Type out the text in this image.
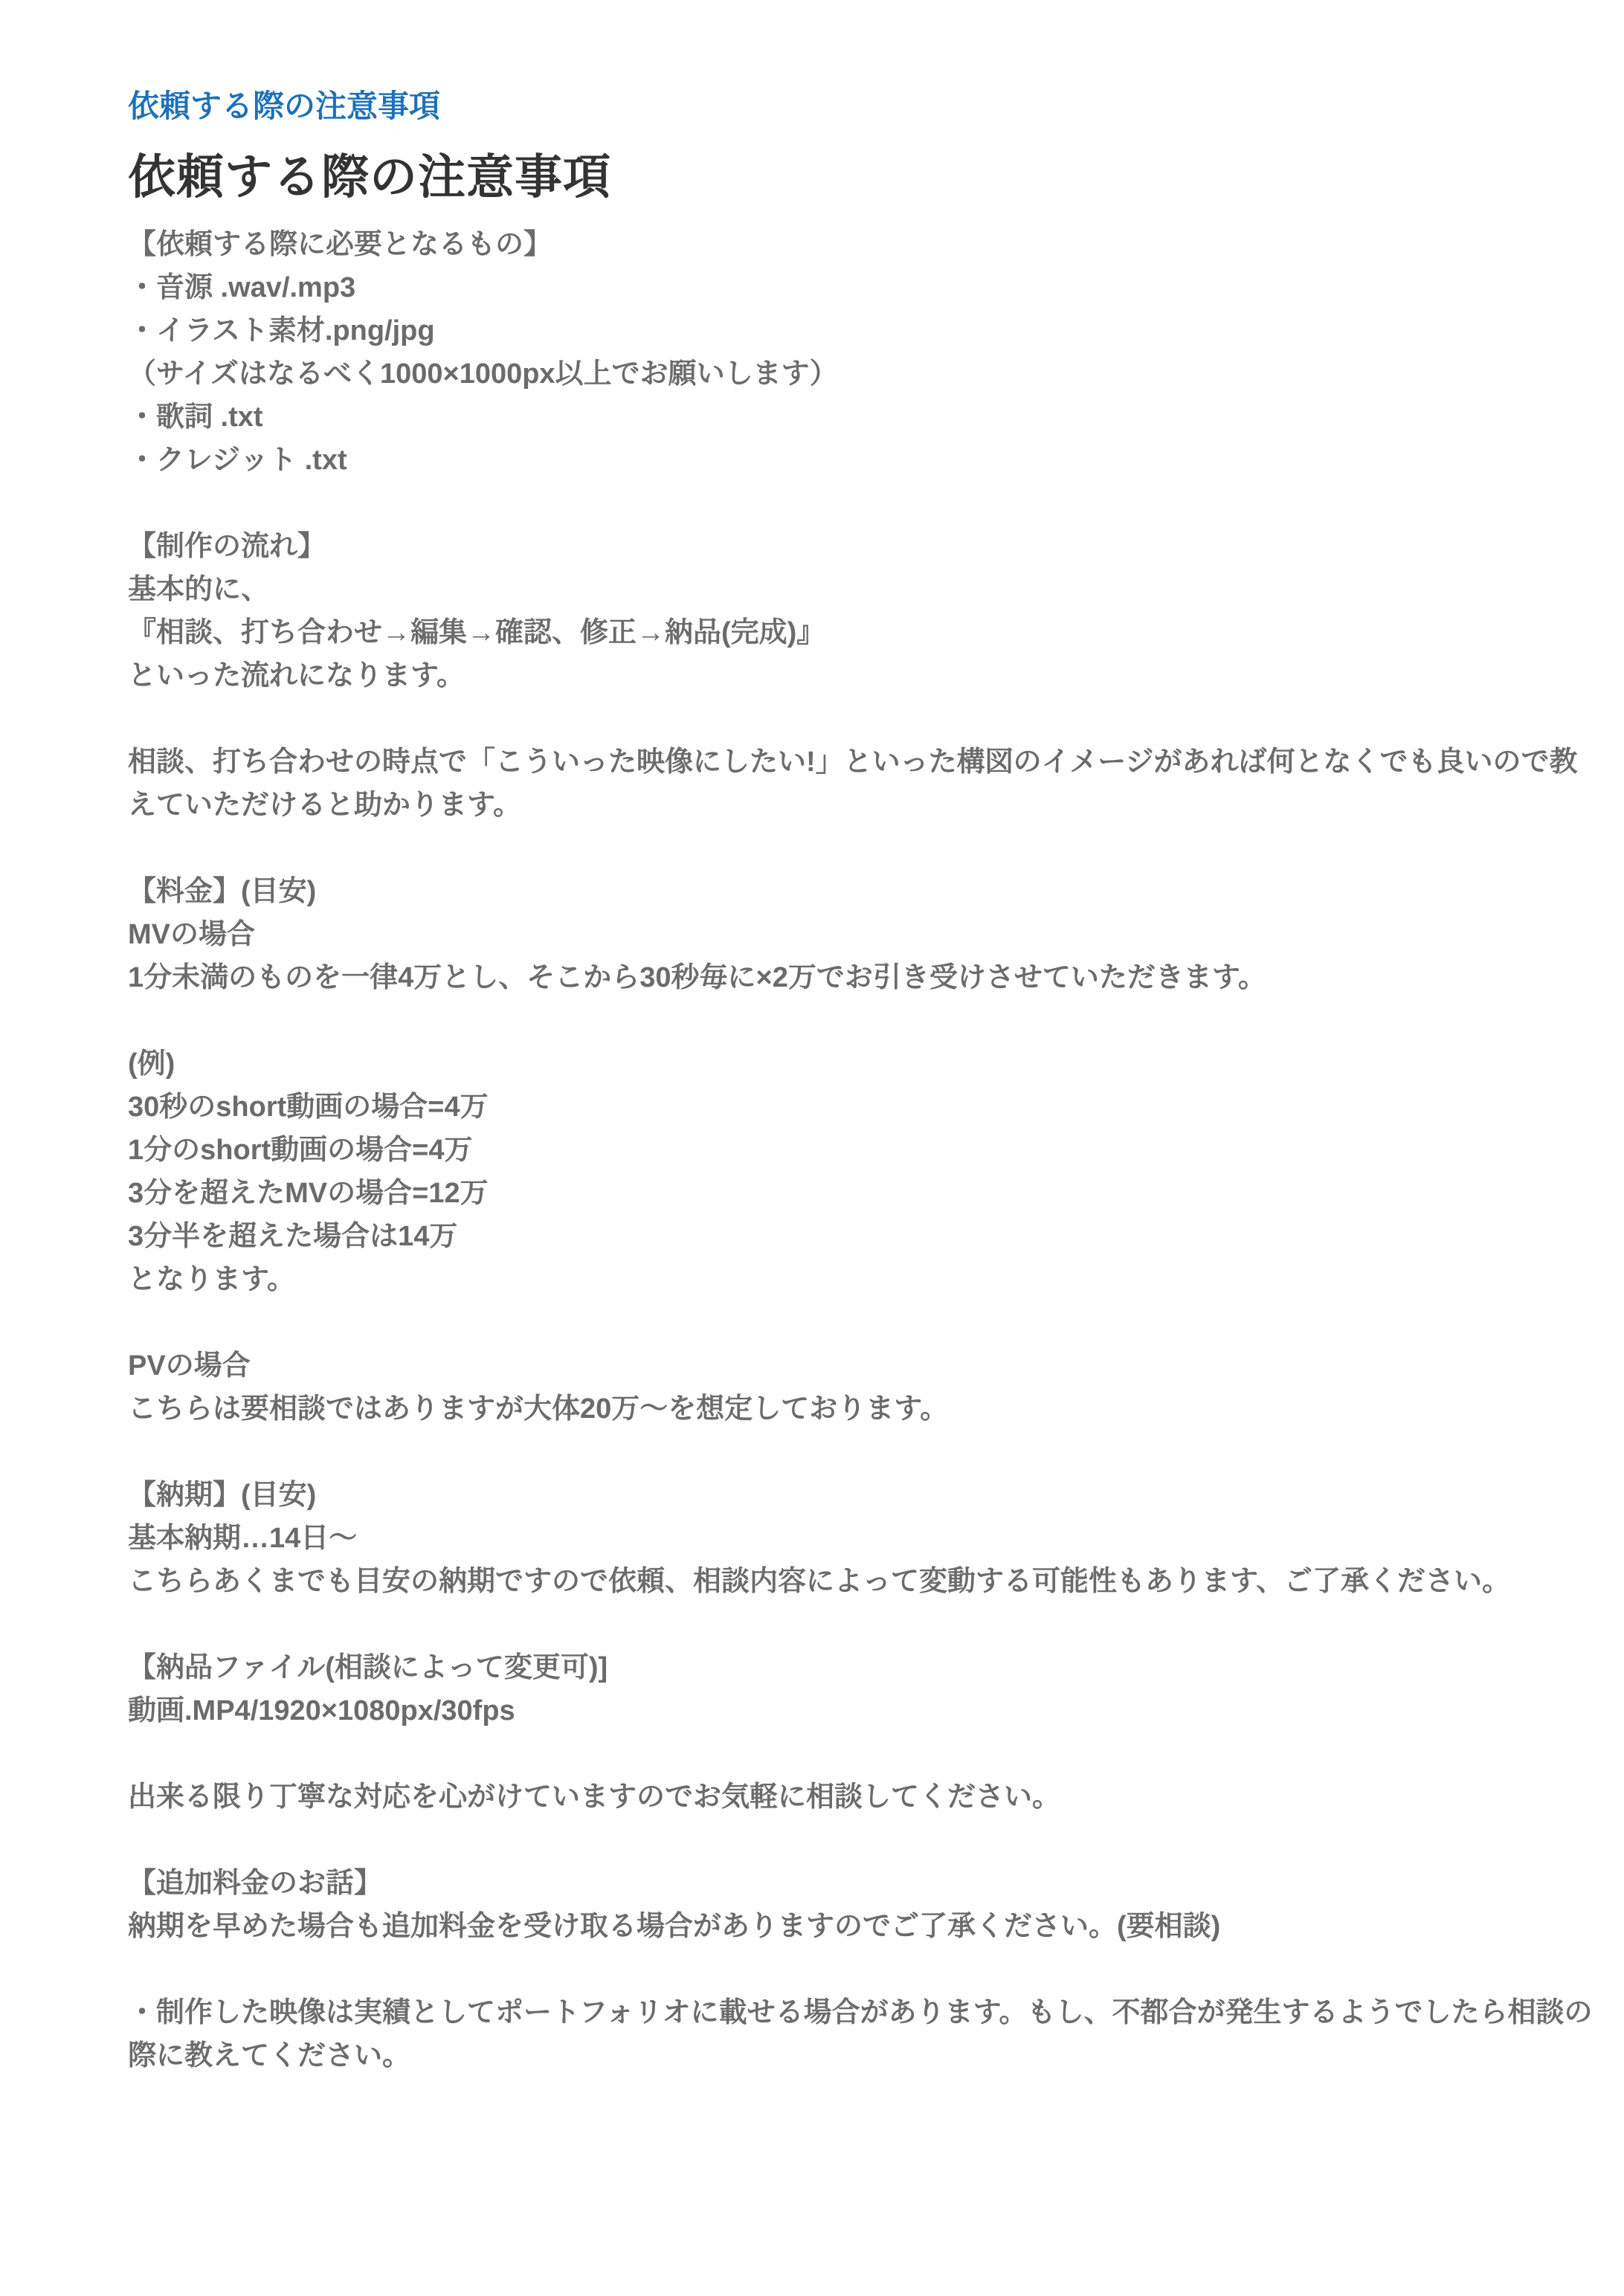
依頼する際の注意事項
依頼する際の注意事項

【依頼する際に必要となるもの】
・音源 .wav/.mp3
・イラスト素材.png/jpg
（サイズはなるべく1000×1000px以上でお願いします）
・歌詞 .txt
・クレジット .txt

【制作の流れ】
基本的に、
『相談、打ち合わせ→編集→確認、修正→納品(完成)』
といった流れになります。

相談、打ち合わせの時点で「こういった映像にしたい!」といった構図のイメージがあれば何となくでも良いので教えていただけると助かります。

【料金】(目安)
MVの場合
1分未満のものを一律4万とし、そこから30秒毎に×2万でお引き受けさせていただきます。

(例)
30秒のshort動画の場合=4万
1分のshort動画の場合=4万
3分を超えたMVの場合=12万
3分半を超えた場合は14万
となります。

PVの場合
こちらは要相談ではありますが大体20万～を想定しております。

【納期】(目安)
基本納期…14日～
こちらあくまでも目安の納期ですので依頼、相談内容によって変動する可能性もあります、ご了承ください。

【納品ファイル(相談によって変更可)]
動画.MP4/1920×1080px/30fps

出来る限り丁寧な対応を心がけていますのでお気軽に相談してください。

【追加料金のお話】
納期を早めた場合も追加料金を受け取る場合がありますのでご了承ください。(要相談)

・制作した映像は実績としてポートフォリオに載せる場合があります。もし、不都合が発生するようでしたら相談の際に教えてください。
